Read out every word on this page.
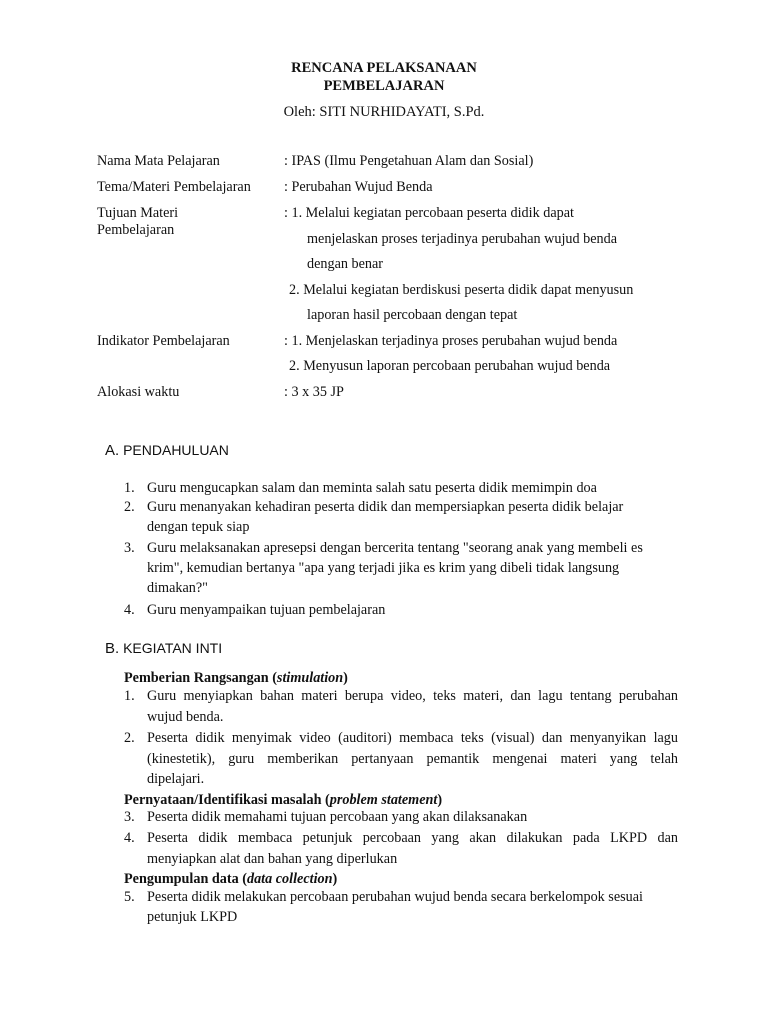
RENCANA PELAKSANAAN
PEMBELAJARAN
Oleh: SITI NURHIDAYATI, S.Pd.
Nama Mata Pelajaran	: IPAS (Ilmu Pengetahuan Alam dan Sosial)
Tema/Materi Pembelajaran : Perubahan Wujud Benda
Tujuan Materi
Pembelajaran
: 1. Melalui kegiatan percobaan peserta didik dapat
menjelaskan proses terjadinya perubahan wujud benda
dengan benar
2. Melalui kegiatan berdiskusi peserta didik dapat menyusun
laporan hasil percobaan dengan tepat
Indikator Pembelajaran	: 1. Menjelaskan terjadinya proses perubahan wujud benda
2. Menyusun laporan percobaan perubahan wujud benda
Alokasi waktu	: 3 x 35 JP
A. PENDAHULUAN
1. Guru mengucapkan salam dan meminta salah satu peserta didik memimpin doa
2. Guru menanyakan kehadiran peserta didik dan mempersiapkan peserta didik belajar
dengan tepuk siap
3. Guru melaksanakan apresepsi dengan bercerita tentang "seorang anak yang membeli es
krim", kemudian bertanya "apa yang terjadi jika es krim yang dibeli tidak langsung
dimakan?"
4. Guru menyampaikan tujuan pembelajaran
B. KEGIATAN INTI
Pemberian Rangsangan (stimulation)
1. Guru menyiapkan bahan materi berupa video, teks materi, dan lagu tentang perubahan
wujud benda.
2. Peserta didik menyimak video (auditori) membaca teks (visual) dan menyanyikan lagu
(kinestetik), guru memberikan pertanyaan pemantik mengenai materi yang telah
dipelajari.
Pernyataan/Identifikasi masalah (problem statement)
3. Peserta didik memahami tujuan percobaan yang akan dilaksanakan
4. Peserta didik membaca petunjuk percobaan yang akan dilakukan pada LKPD dan
menyiapkan alat dan bahan yang diperlukan
Pengumpulan data (data collection)
5. Peserta didik melakukan percobaan perubahan wujud benda secara berkelompok sesuai
petunjuk LKPD
